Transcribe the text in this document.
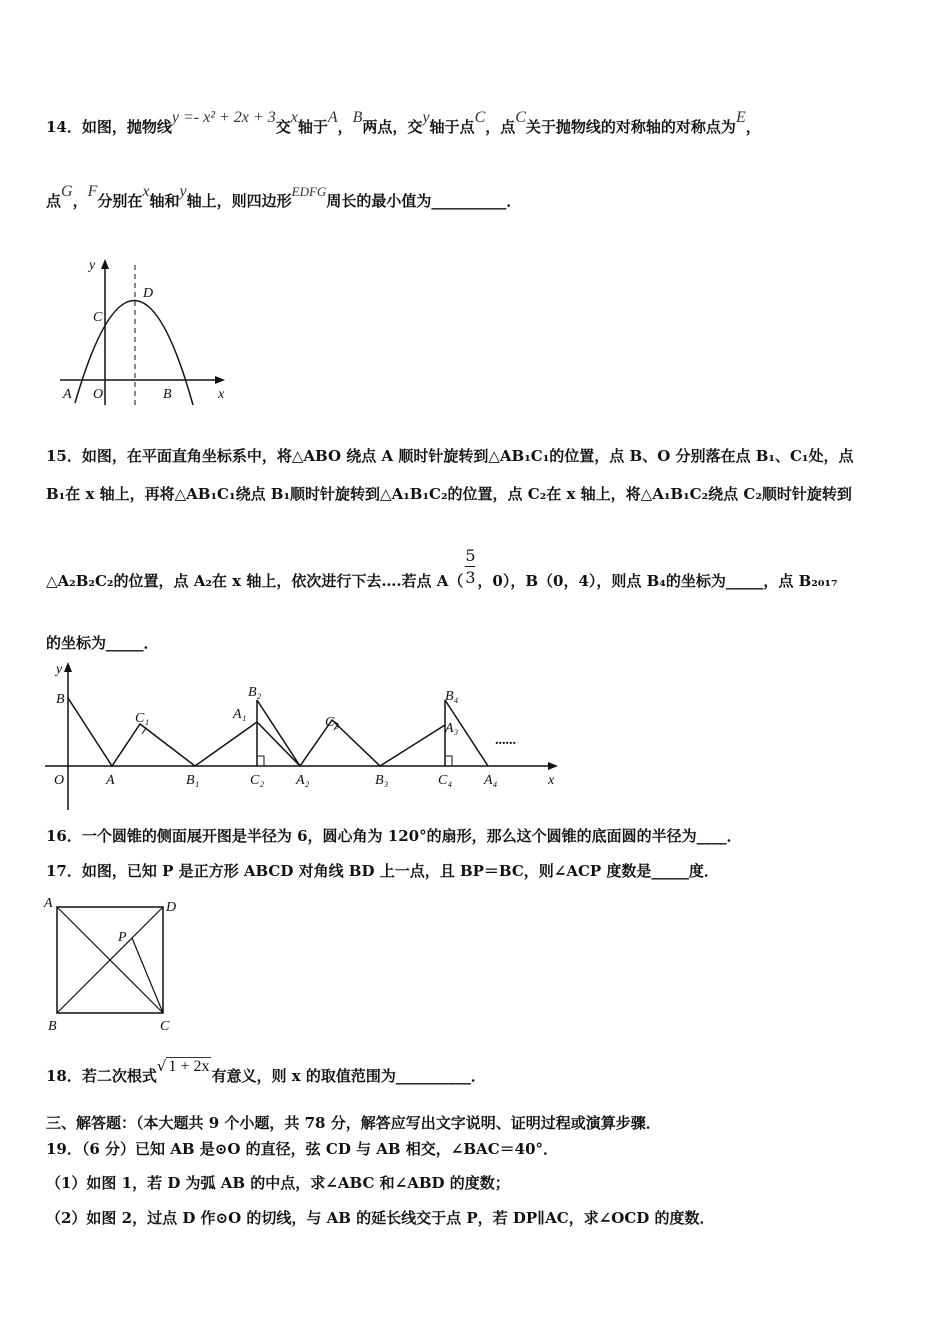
14．如图，抛物线y =- x² + 2x + 3交x轴于A，B两点，交y轴于点C，点C关于抛物线的对称轴的对称点为E，
点G，F分别在x轴和y轴上，则四边形EDFG周长的最小值为__________．
y
D
C
A O	B	x
15．如图，在平面直角坐标系中，将△ABO 绕点 A 顺时针旋转到△AB₁C₁的位置，点 B、O 分别落在点 B₁、C₁处，点
B₁在 x 轴上，再将△AB₁C₁绕点 B₁顺时针旋转到△A₁B₁C₂的位置，点 C₂在 x 轴上，将△A₁B₁C₂绕点 C₂顺时针旋转到
△A₂B₂C₂的位置，点 A₂在 x 轴上，依次进行下去….若点 $A( \frac{5}{3}$ ，0），B（0，4），则点 B₄的坐标为_____，点 B₂₀₁₇
的坐标为_____．
y
B
C₁
B₂
A₁
C₃
B₄
A₃
......
O	A	B₁	C₂ A₂	B₃	C₄ A₄	x
16．一个圆锥的侧面展开图是半径为 6，圆心角为 120°的扇形，那么这个圆锥的底面圆的半径为____．
17．如图，已知 P 是正方形 ABCD 对角线 BD 上一点，且 BP＝BC，则∠ACP 度数是_____度．
A	D
P
B	C
18．若二次根式√ 1 + 2x有意义，则 x 的取值范围为__________．
三、解答题：（本大题共 9 个小题，共 78 分，解答应写出文字说明、证明过程或演算步骤．
19．（6 分）已知 AB 是⊙O 的直径，弦 CD 与 AB 相交，∠BAC＝40°．
（1）如图 1，若 D 为弧 AB 的中点，求∠ABC 和∠ABD 的度数；
（2）如图 2，过点 D 作⊙O 的切线，与 AB 的延长线交于点 P，若 DP∥AC，求∠OCD 的度数．
